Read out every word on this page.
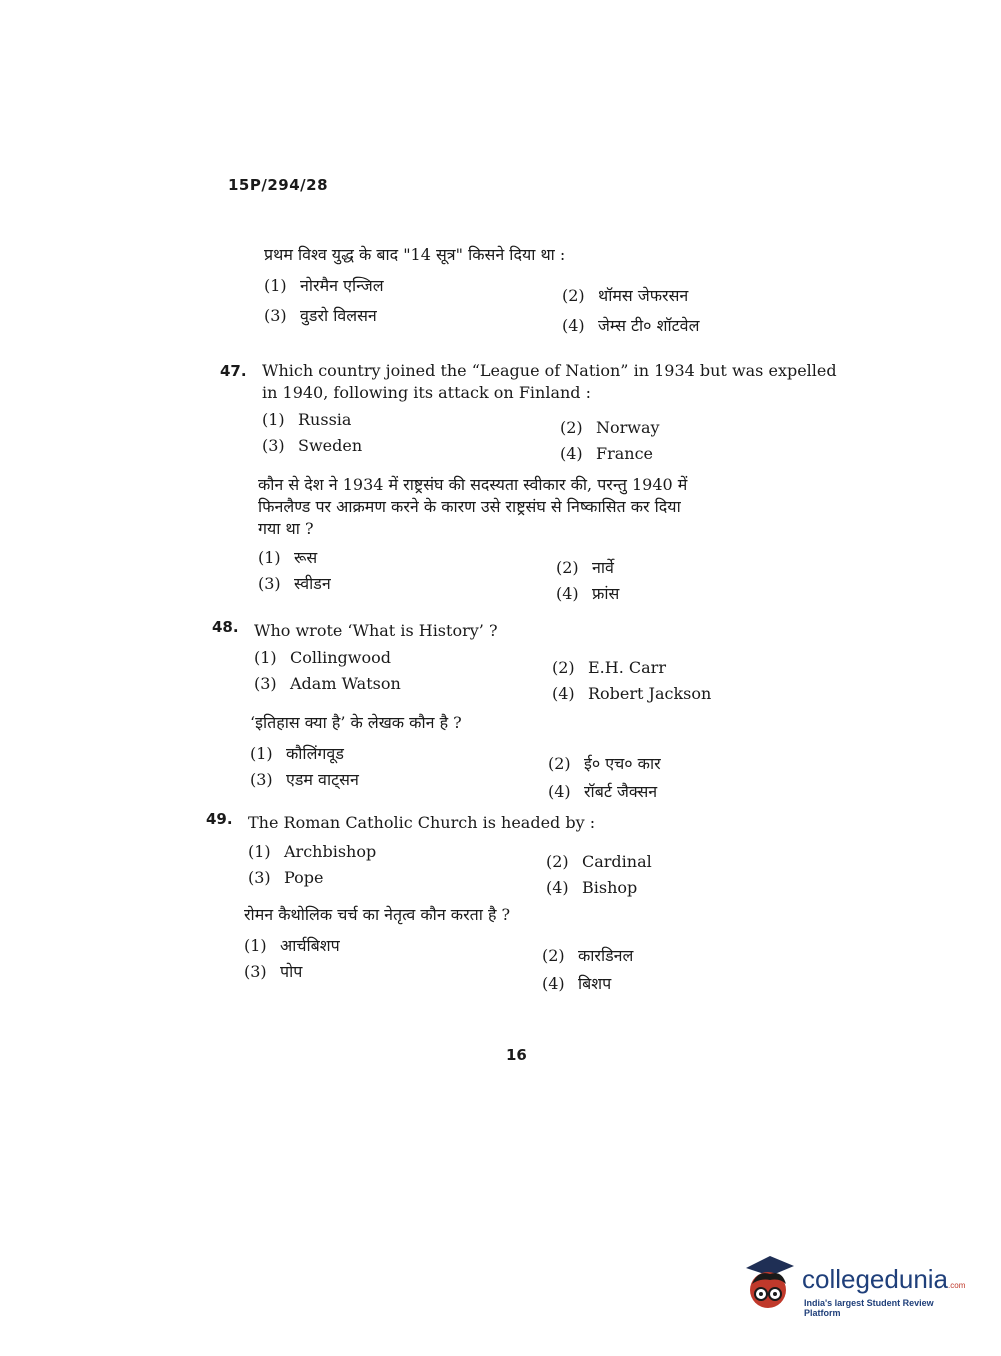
15P/294/28
प्रथम विश्व युद्ध के बाद "14 सूत्र" किसने दिया था :
(1) नोरमैन एन्जिल
(2) थॉमस जेफरसन
(3) वुडरो विलसन
(4) जेम्स टी० शॉटवेल
47. Which country joined the “League of Nation” in 1934 but was expelled
in 1940, following its attack on Finland :
(1) Russia	(2) Norway
(3) Sweden	(4) France
कौन से देश ने 1934 में राष्ट्रसंघ की सदस्यता स्वीकार की, परन्तु 1940 में
फिनलैण्ड पर आक्रमण करने के कारण उसे राष्ट्रसंघ से निष्कासित कर दिया
गया था ?
(1) रूस
(2) नार्वे
(3) स्वीडन
(4) फ्रांस
48. Who wrote ‘What is History’ ?
(1) Collingwood
(2) E.H. Carr
(3) Adam Watson
(4) Robert Jackson
‘इतिहास क्या है’ के लेखक कौन है ?
(1) कौलिंगवूड
(2) ई० एच० कार
(3) एडम वाट्सन
(4) रॉबर्ट जैक्सन
49. The Roman Catholic Church is headed by :
(1) Archbishop
(2) Cardinal
(3) Pope
(4) Bishop
रोमन कैथोलिक चर्च का नेतृत्व कौन करता है ?
(1) आर्चबिशप
(2) कारडिनल
(3) पोप
(4) बिशप
16
collegedunia.com
India's largest Student Review Platform
